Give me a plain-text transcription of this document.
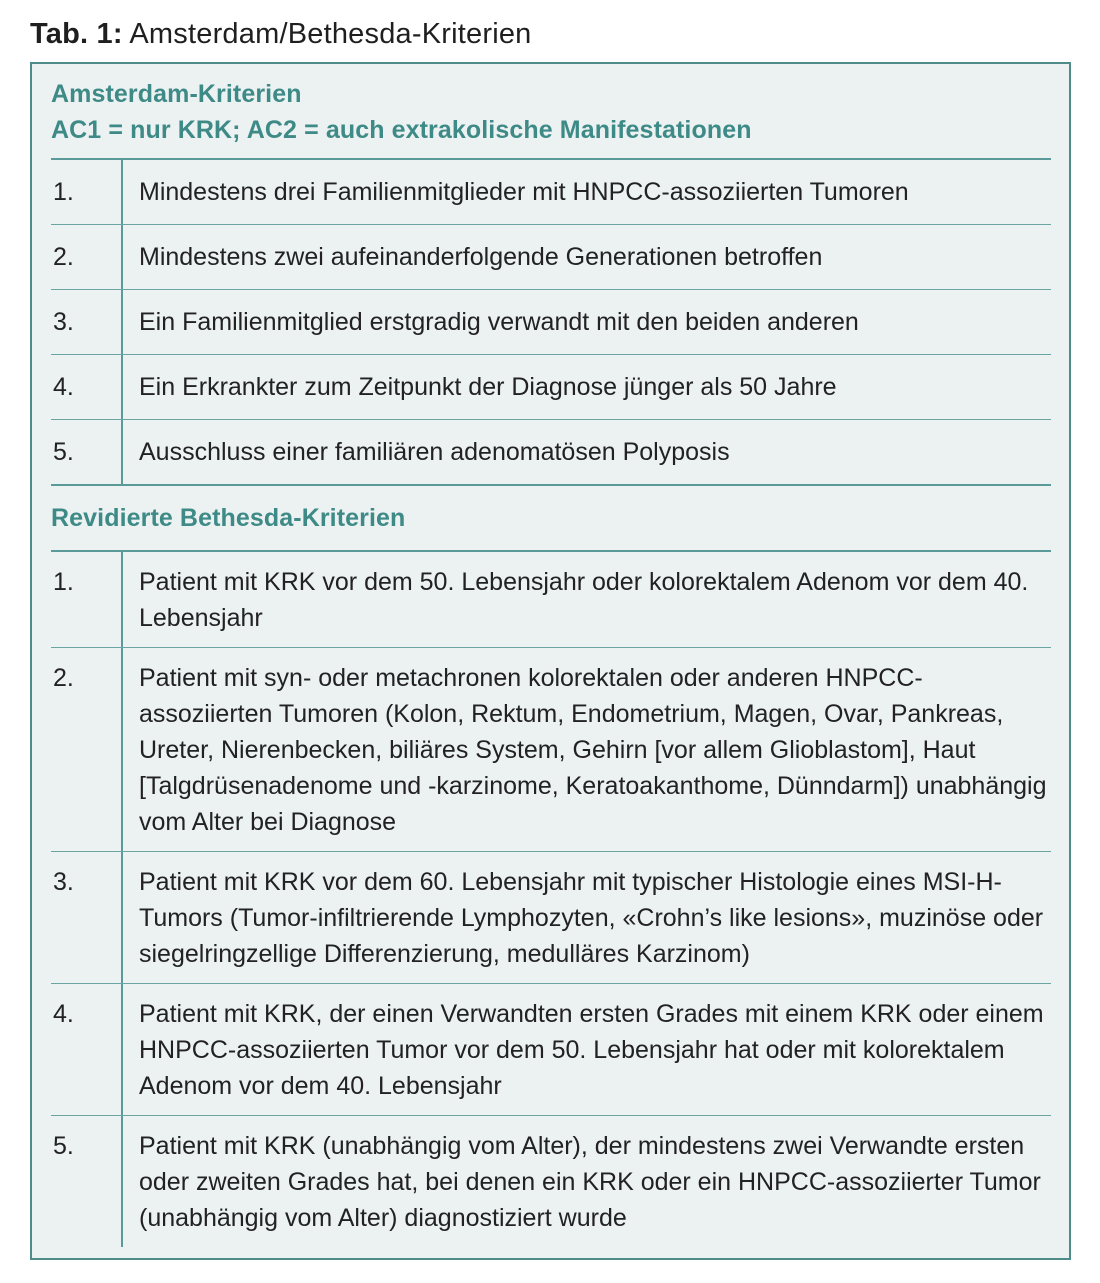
Tab. 1: Amsterdam/Bethesda-Kriterien
Amsterdam-Kriterien
AC1 = nur KRK; AC2 = auch extrakolische Manifestationen
1.	Mindestens drei Familienmitglieder mit HNPCC-assoziierten Tumoren
2.	Mindestens zwei aufeinanderfolgende Generationen betroffen
3.	Ein Familienmitglied erstgradig verwandt mit den beiden anderen
4.	Ein Erkrankter zum Zeitpunkt der Diagnose jünger als 50 Jahre
5.	Ausschluss einer familiären adenomatösen Polyposis
Revidierte Bethesda-Kriterien
1.	Patient mit KRK vor dem 50. Lebensjahr oder kolorektalem Adenom vor dem 40. Lebensjahr
2.	Patient mit syn- oder metachronen kolorektalen oder anderen HNPCC-assoziierten Tumoren (Kolon, Rektum, Endometrium, Magen, Ovar, Pankreas, Ureter, Nierenbecken, biliäres System, Gehirn [vor allem Glioblastom], Haut [Talgdrüsenadenome und -karzinome, Keratoakanthome, Dünndarm]) unabhängig vom Alter bei Diagnose
3.	Patient mit KRK vor dem 60. Lebensjahr mit typischer Histologie eines MSI-H-Tumors (Tumor-infiltrierende Lymphozyten, «Crohn’s like lesions», muzinöse oder siegelringzellige Differenzierung, medulläres Karzinom)
4.	Patient mit KRK, der einen Verwandten ersten Grades mit einem KRK oder einem HNPCC-assoziierten Tumor vor dem 50. Lebensjahr hat oder mit kolorektalem Adenom vor dem 40. Lebensjahr
5.	Patient mit KRK (unabhängig vom Alter), der mindestens zwei Verwandte ersten oder zweiten Grades hat, bei denen ein KRK oder ein HNPCC-assoziierter Tumor (unabhängig vom Alter) diagnostiziert wurde
